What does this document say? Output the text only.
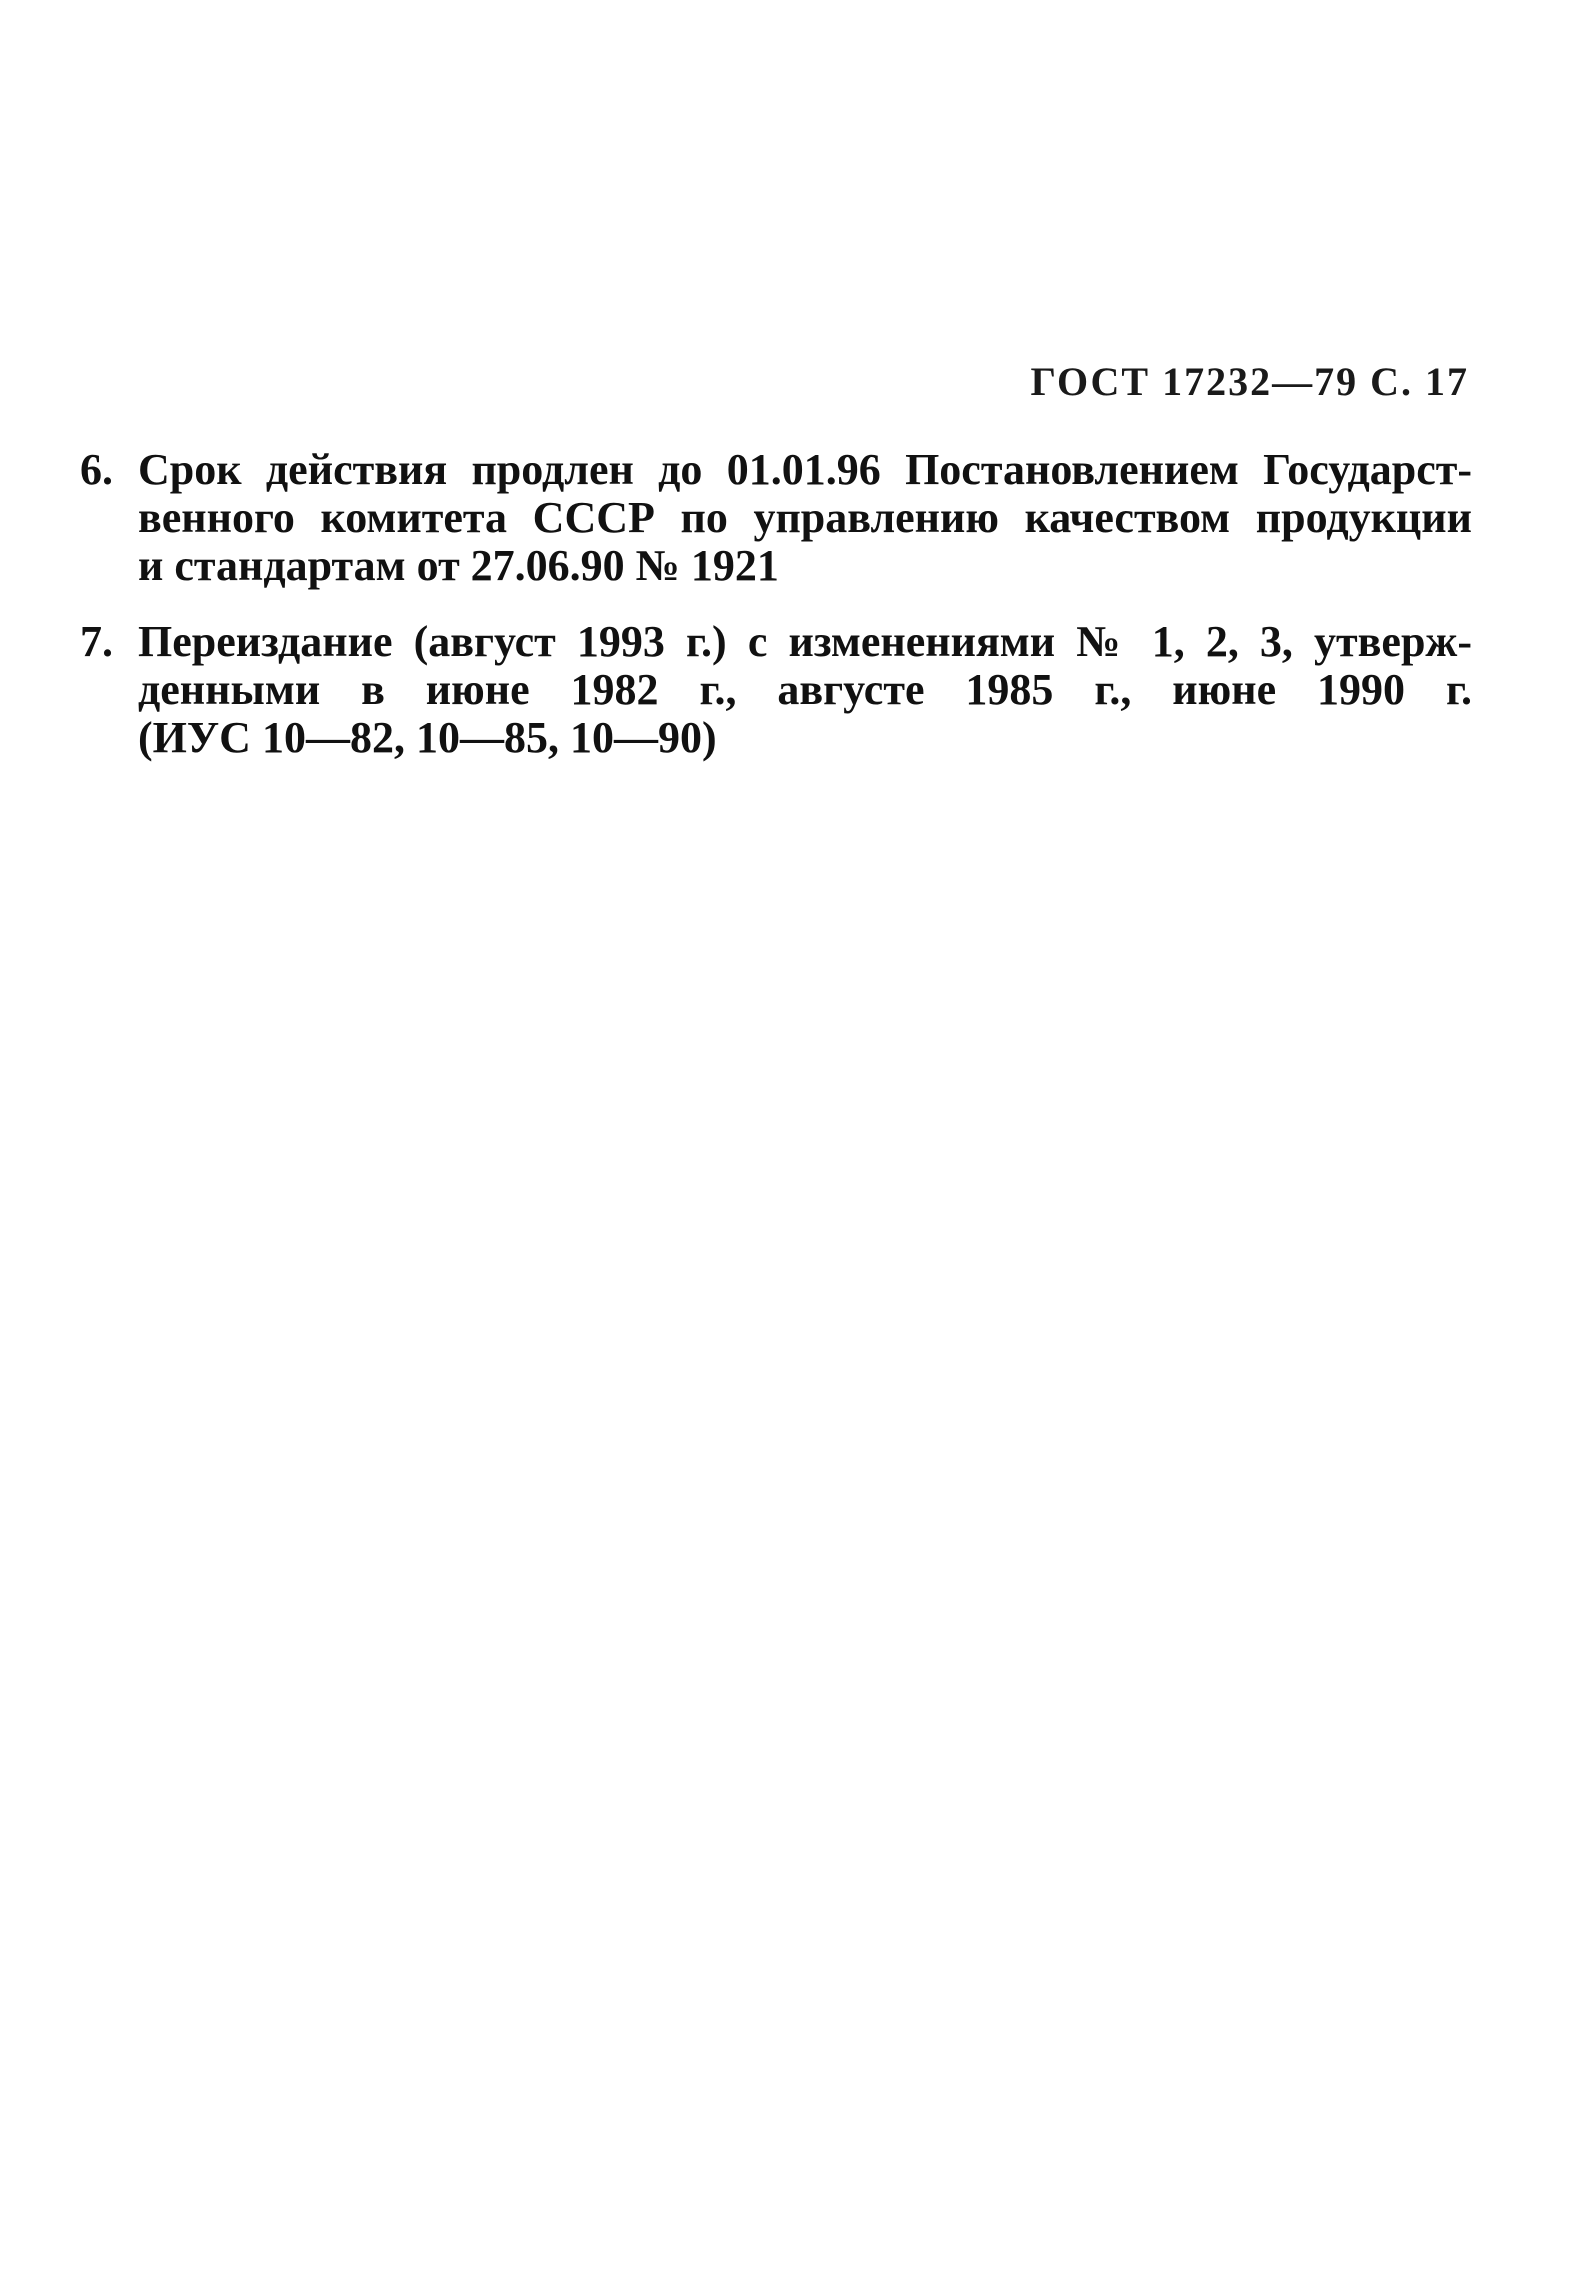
ГОСТ 17232—79 С. 17
6. Срок действия продлен до 01.01.96 Постановлением Государст-
венного комитета СССР по управлению качеством продукции
и стандартам от 27.06.90 № 1921
7. Переиздание (август 1993 г.) с изменениями № 1, 2, 3, утверж-
денными в июне 1982 г., августе 1985 г., июне 1990 г.
(ИУС 10—82, 10—85, 10—90)
